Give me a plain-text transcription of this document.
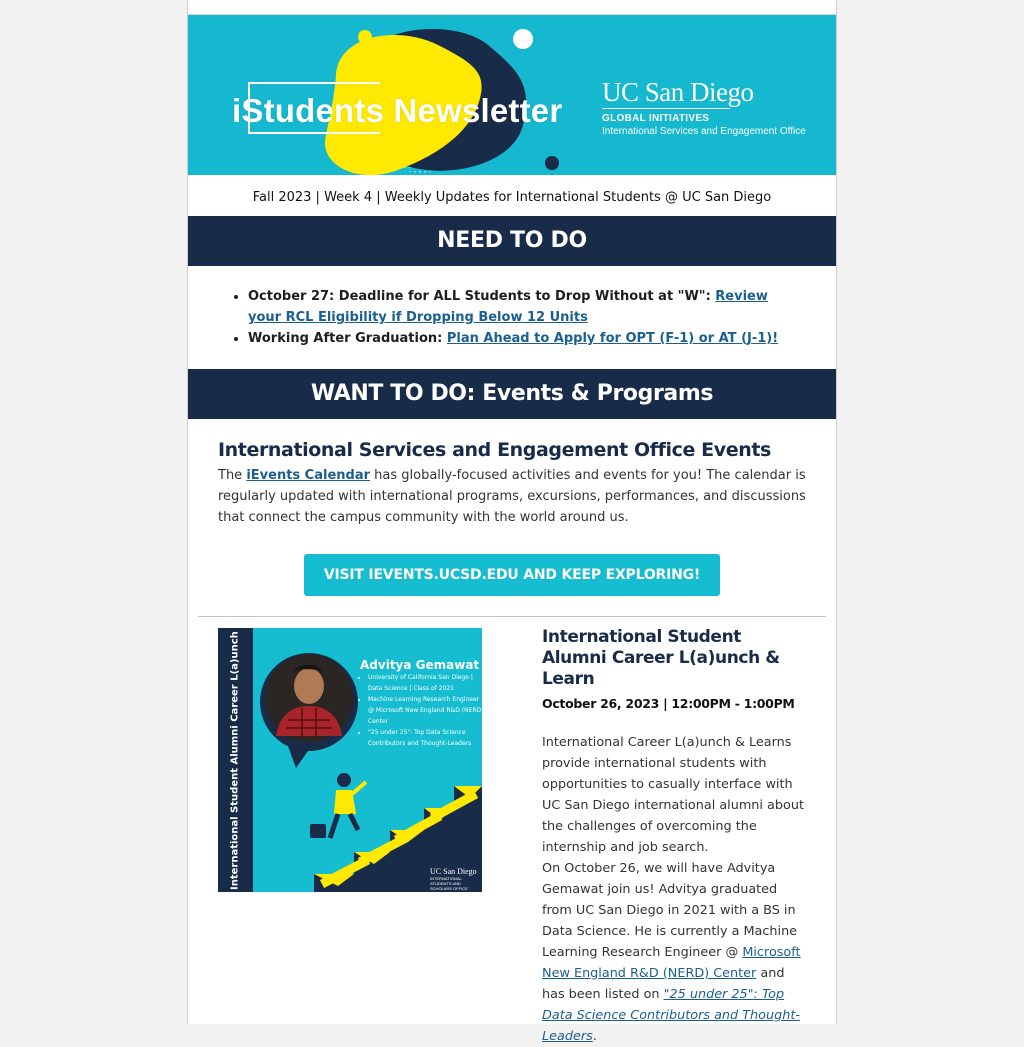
iStudents Newsletter UC San Diego
GLOBAL INITIATIVES
International Services and Engagement Office
Fall 2023 | Week 4 | Weekly Updates for International Students @ UC San Diego
NEED TO DO
• October 27: Deadline for ALL Students to Drop Without at "W": Review your RCL Eligibility if Dropping Below 12 Units
• Working After Graduation: Plan Ahead to Apply for OPT (F-1) or AT (J-1)!
WANT TO DO: Events & Programs
International Services and Engagement Office Events

The iEvents Calendar has globally-focused activities and events for you! The calendar is regularly updated with international programs, excursions, performances, and discussions that connect the campus community with the world around us.

VISIT IEVENTS.UCSD.EDU AND KEEP EXPLORING!
International Student Alumni Career L(a)unch & Learn	Advitya Gemawat
• University of California San Diego | Data Science | Class of 2021
• Machine Learning Research Engineer @ Microsoft New England R&D (NERD) Center
• "25 under 25": Top Data Science Contributors and Thought-Leaders
UC San Diego
INTERNATIONAL STUDENTS AND SCHOLARS OFFICE
International Student Alumni Career L(a)unch & Learn
October 26, 2023 | 12:00PM - 1:00PM

International Career L(a)unch & Learns provide international students with opportunities to casually interface with UC San Diego international alumni about the challenges of overcoming the internship and job search.

On October 26, we will have Advitya Gemawat join us! Advitya graduated from UC San Diego in 2021 with a BS in Data Science. He is currently a Machine Learning Research Engineer @ Microsoft New England R&D (NERD) Center and has been listed on "25 under 25": Top Data Science Contributors and Thought-Leaders.
